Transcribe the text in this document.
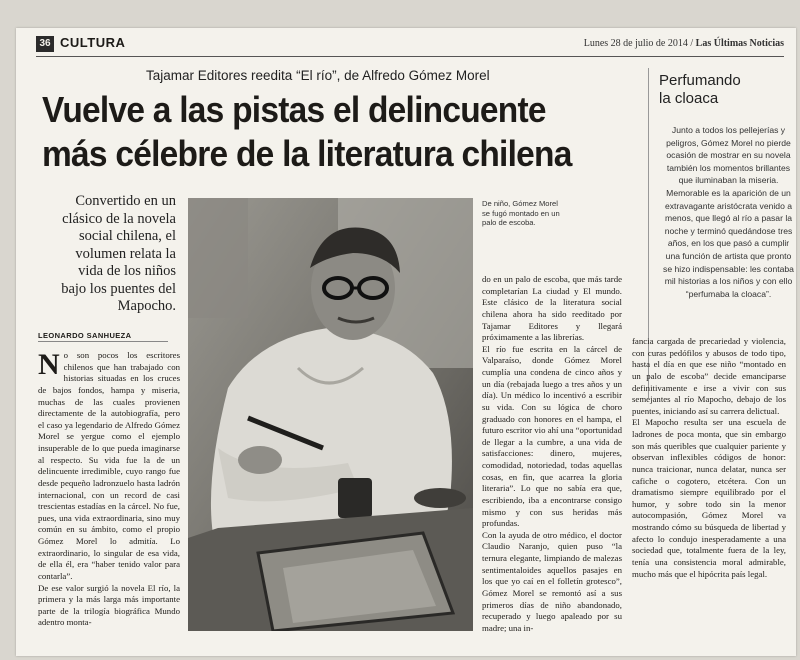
36 CULTURA	Lunes 28 de julio de 2014 / Las Últimas Noticias
Tajamar Editores reedita “El río”, de Alfredo Gómez Morel
Vuelve a las pistas el delincuente
más célebre de la literatura chilena
Perfumando
la cloaca

Junto a todos los pellejerías y peligros, Gómez Morel no pierde ocasión de mostrar en su novela también los momentos brillantes que iluminaban la miseria. Memorable es la aparición de un extravagante aristócrata venido a menos, que llegó al río a pasar la noche y terminó quedándose tres años, en los que pasó a cumplir una función de artista que pronto se hizo indispensable: les contaba mil historias a los niños y con ello “perfumaba la cloaca”.

Convertido en un clásico de la novela social chilena, el volumen relata la vida de los niños bajo los puentes del Mapocho.

LEONARDO SANHUEZA

De niño, Gómez Morel se fugó montado en un palo de escoba.

N o son pocos los escritores chilenos que han trabajado con historias situadas en los cruces de bajos fondos, hampa y miseria, muchas de las cuales provienen directamente de la autobiografía, pero el caso ya legendario de Alfredo Gómez Morel se yergue como el ejemplo insuperable de lo que pueda imaginarse al respecto. Su vida fue la de un delincuente irredimible, cuyo rango fue desde pequeño ladronzuelo hasta ladrón internacional, con un record de casi trescientas estadías en la cárcel. No fue, pues, una vida extraordinaria, sino muy común en su ámbito, como el propio Gómez Morel lo admitía. Lo extraordinario, lo singular de esa vida, de ella él, era “haber tenido valor para contarla”.

De ese valor surgió la novela El río, la primera y la más larga más importante parte de la trilogía biográfica Mundo adentro monta-

do en un palo de escoba, que más tarde completarían La ciudad y El mundo. Este clásico de la literatura social chilena ahora ha sido reeditado por Tajamar Editores y llegará próximamente a las librerías.

El río fue escrita en la cárcel de Valparaíso, donde Gómez Morel cumplía una condena de cinco años y un día (rebajada luego a tres años y un día). Un médico lo incentivó a escribir su vida. Con su lógica de choro graduado con honores en el hampa, el futuro escritor vio ahí una “oportunidad de llegar a la cumbre, a una vida de satisfacciones: dinero, mujeres, comodidad, notoriedad, todas aquellas cosas, en fin, que acarrea la gloria literaria”. Lo que no sabía era que, escribiendo, iba a encontrarse consigo mismo y con sus heridas más profundas.

Con la ayuda de otro médico, el doctor Claudio Naranjo, quien puso “la ternura elegante, limpiando de malezas sentimentaloides aquellos pasajes en los que yo caí en el folletín grotesco”, Gómez Morel se remontó así a sus primeros días de niño abandonado, recuperado y luego apaleado por su madre; una in-

fancia cargada de precariedad y violencia, con curas pedófilos y abusos de todo tipo, hasta el día en que ese niño “montado en un palo de escoba” decide emanciparse definitivamente e irse a vivir con sus semejantes al río Mapocho, debajo de los puentes, iniciando así su carrera delictual.

El Mapocho resulta ser una escuela de ladrones de poca monta, que sin embargo son más queribles que cualquier pariente y observan inflexibles códigos de honor: nunca traicionar, nunca delatar, nunca ser cafiche o cogotero, etcétera. Con un dramatismo siempre equilibrado por el humor, y sobre todo sin la menor autocompasión, Gómez Morel va mostrando cómo su búsqueda de libertad y afecto lo condujo inesperadamente a una sociedad que, totalmente fuera de la ley, tenía una consistencia moral admirable, mucho más que el hipócrita país legal.
